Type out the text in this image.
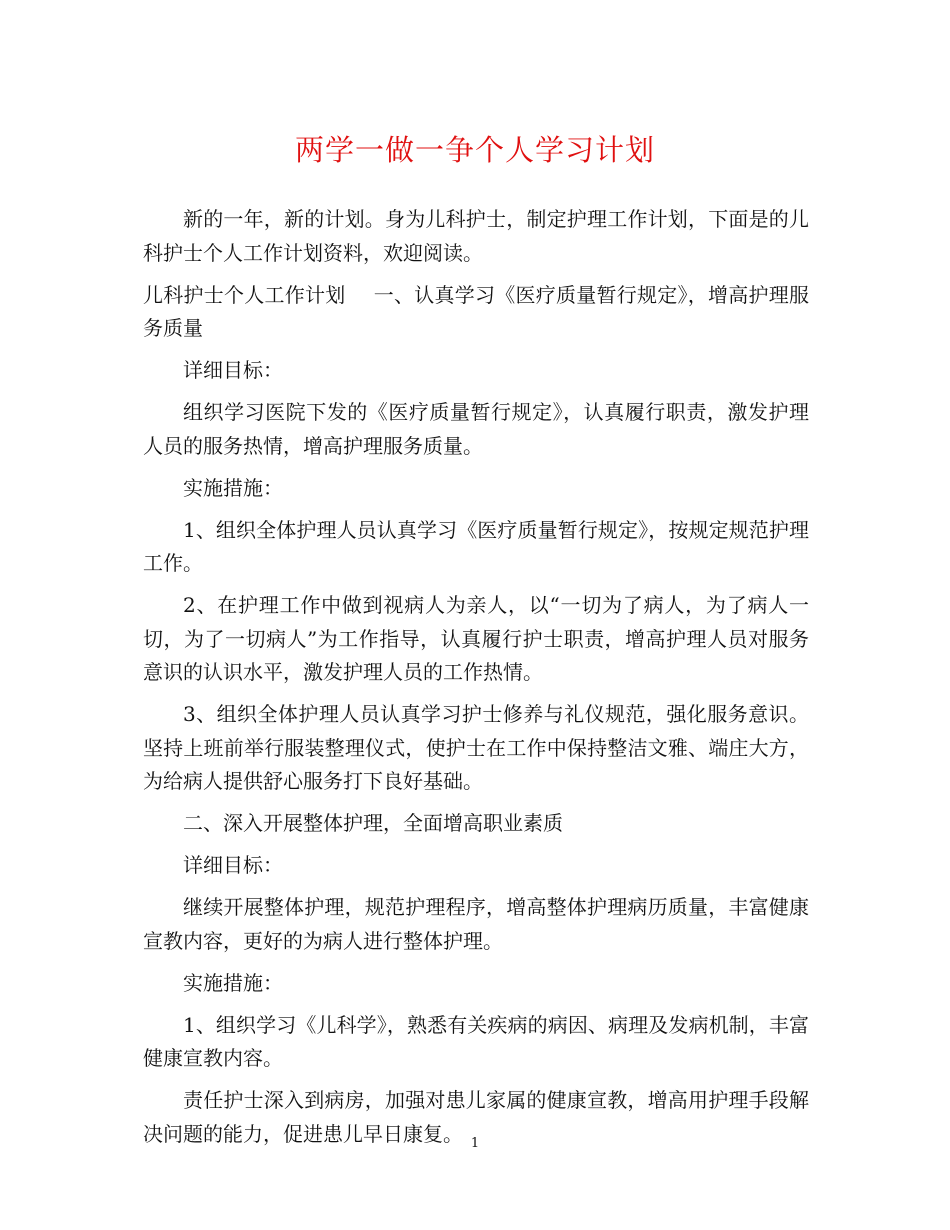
两学一做一争个人学习计划

新的一年，新的计划。身为儿科护士，制定护理工作计划，下面是的儿科护士个人工作计划资料，欢迎阅读。

儿科护士个人工作计划 一、认真学习《医疗质量暂行规定》，增高护理服务质量

详细目标：

组织学习医院下发的《医疗质量暂行规定》，认真履行职责，激发护理人员的服务热情，增高护理服务质量。

实施措施：

1、组织全体护理人员认真学习《医疗质量暂行规定》，按规定规范护理工作。

2、在护理工作中做到视病人为亲人，以“一切为了病人，为了病人一切，为了一切病人”为工作指导，认真履行护士职责，增高护理人员对服务意识的认识水平，激发护理人员的工作热情。

3、组织全体护理人员认真学习护士修养与礼仪规范，强化服务意识。坚持上班前举行服装整理仪式，使护士在工作中保持整洁文雅、端庄大方，为给病人提供舒心服务打下良好基础。

二、深入开展整体护理，全面增高职业素质

详细目标：

继续开展整体护理，规范护理程序，增高整体护理病历质量，丰富健康宣教内容，更好的为病人进行整体护理。

实施措施：

1、组织学习《儿科学》，熟悉有关疾病的病因、病理及发病机制，丰富健康宣教内容。

责任护士深入到病房，加强对患儿家属的健康宣教，增高用护理手段解决问题的能力，促进患儿早日康复。 1
